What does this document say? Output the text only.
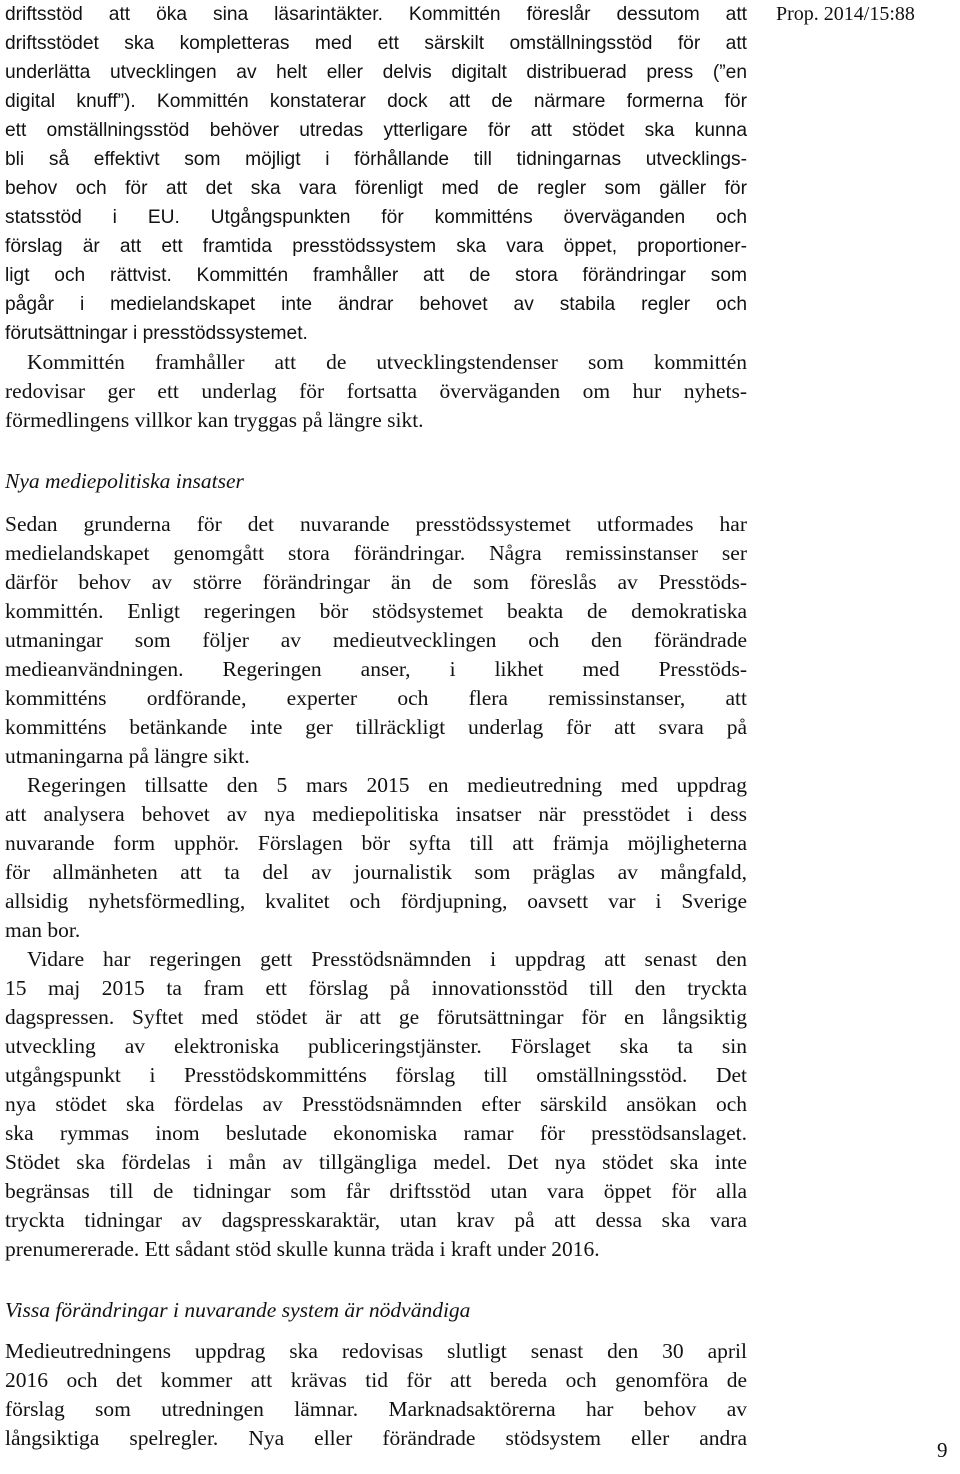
Prop. 2014/15:88
driftsstöd att öka sina läsarintäkter. Kommittén föreslår dessutom att
driftsstödet ska kompletteras med ett särskilt omställningsstöd för att
underlätta utvecklingen av helt eller delvis digitalt distribuerad press (”en
digital knuff”). Kommittén konstaterar dock att de närmare formerna för
ett omställningsstöd behöver utredas ytterligare för att stödet ska kunna
bli så effektivt som möjligt i förhållande till tidningarnas utvecklings-
behov och för att det ska vara förenligt med de regler som gäller för
statsstöd i EU. Utgångspunkten för kommitténs överväganden och
förslag är att ett framtida presstödssystem ska vara öppet, proportioner-
ligt och rättvist. Kommittén framhåller att de stora förändringar som
pågår i medielandskapet inte ändrar behovet av stabila regler och
förutsättningar i presstödssystemet.
Kommittén framhåller att de utvecklingstendenser som kommittén
redovisar ger ett underlag för fortsatta överväganden om hur nyhets-
förmedlingens villkor kan tryggas på längre sikt.
Nya mediepolitiska insatser
Sedan grunderna för det nuvarande presstödssystemet utformades har
medielandskapet genomgått stora förändringar. Några remissinstanser ser
därför behov av större förändringar än de som föreslås av Presstöds-
kommittén. Enligt regeringen bör stödsystemet beakta de demokratiska
utmaningar som följer av medieutvecklingen och den förändrade
medieanvändningen. Regeringen anser, i likhet med Presstöds-
kommitténs ordförande, experter och flera remissinstanser, att
kommitténs betänkande inte ger tillräckligt underlag för att svara på
utmaningarna på längre sikt.
Regeringen tillsatte den 5 mars 2015 en medieutredning med uppdrag
att analysera behovet av nya mediepolitiska insatser när presstödet i dess
nuvarande form upphör. Förslagen bör syfta till att främja möjligheterna
för allmänheten att ta del av journalistik som präglas av mångfald,
allsidig nyhetsförmedling, kvalitet och fördjupning, oavsett var i Sverige
man bor.
Vidare har regeringen gett Presstödsnämnden i uppdrag att senast den
15 maj 2015 ta fram ett förslag på innovationsstöd till den tryckta
dagspressen. Syftet med stödet är att ge förutsättningar för en långsiktig
utveckling av elektroniska publiceringstjänster. Förslaget ska ta sin
utgångspunkt i Presstödskommitténs förslag till omställningsstöd. Det
nya stödet ska fördelas av Presstödsnämnden efter särskild ansökan och
ska rymmas inom beslutade ekonomiska ramar för presstödsanslaget.
Stödet ska fördelas i mån av tillgängliga medel. Det nya stödet ska inte
begränsas till de tidningar som får driftsstöd utan vara öppet för alla
tryckta tidningar av dagspresskaraktär, utan krav på att dessa ska vara
prenumererade. Ett sådant stöd skulle kunna träda i kraft under 2016.
Vissa förändringar i nuvarande system är nödvändiga
Medieutredningens uppdrag ska redovisas slutligt senast den 30 april
2016 och det kommer att krävas tid för att bereda och genomföra de
förslag som utredningen lämnar. Marknadsaktörerna har behov av
långsiktiga spelregler. Nya eller förändrade stödsystem eller andra	9
